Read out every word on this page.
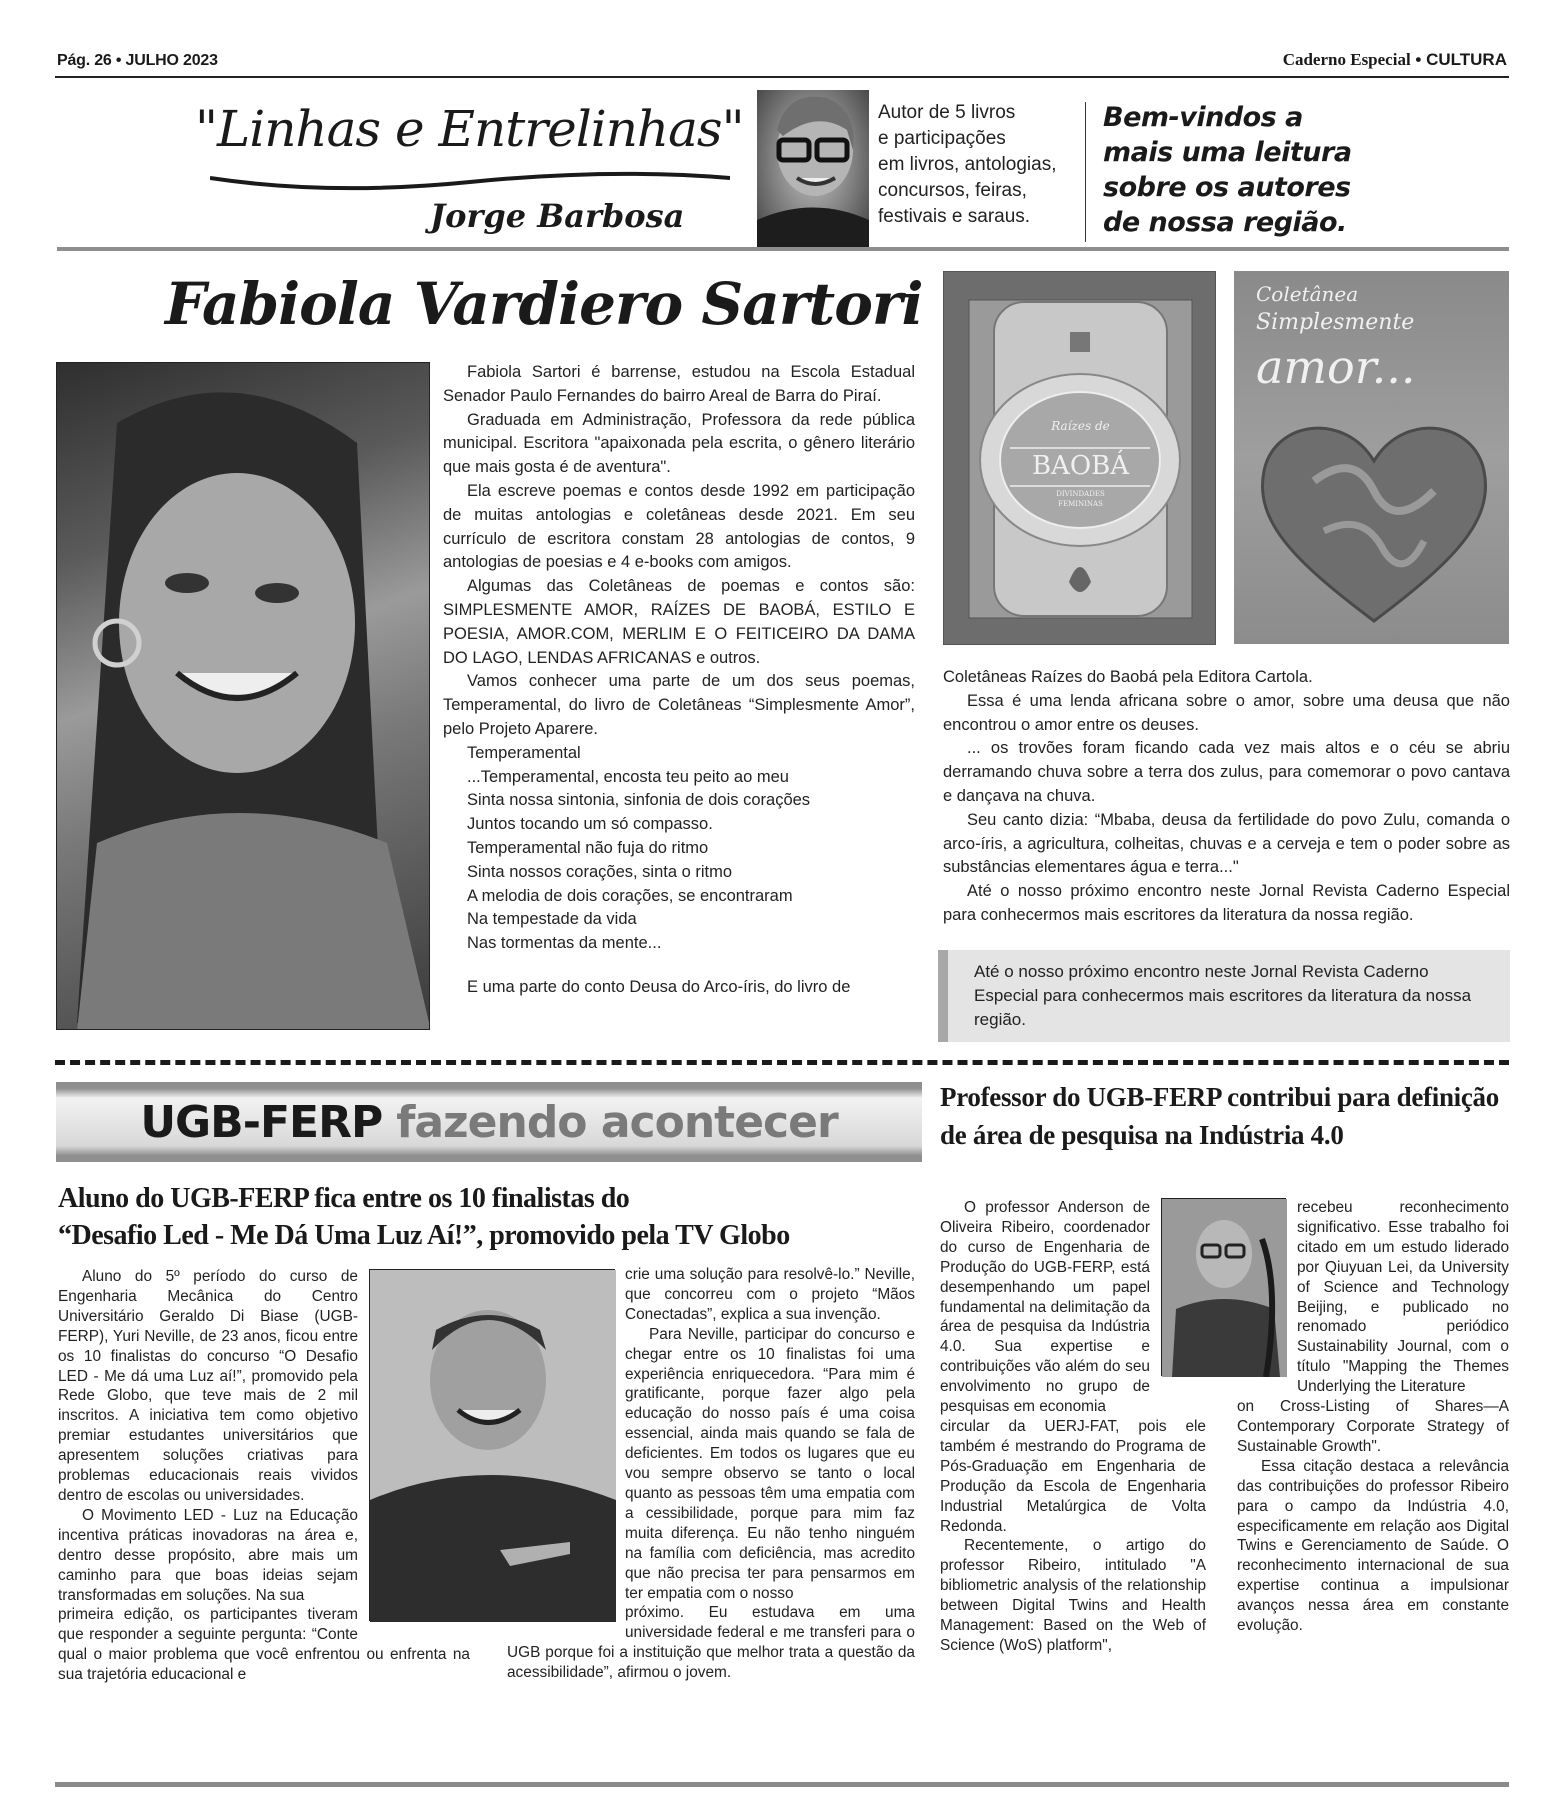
Pág. 26 • JULHO 2023	Caderno Especial • CULTURA
"Linhas e Entrelinhas"
Jorge Barbosa
Autor de 5 livros
e participações
em livros, antologias,
concursos, feiras,
festivais e saraus.
Bem-vindos a
mais uma leitura
sobre os autores
de nossa região.
Fabiola Vardiero Sartori

Fabiola Sartori é barrense, estudou na Escola Estadual Senador Paulo Fernandes do bairro Areal de Barra do Piraí.

Graduada em Administração, Professora da rede pública municipal. Escritora "apaixonada pela escrita, o gênero literário que mais gosta é de aventura".

Ela escreve poemas e contos desde 1992 em participação de muitas antologias e coletâneas desde 2021. Em seu currículo de escritora constam 28 antologias de contos, 9 antologias de poesias e 4 e-books com amigos.

Algumas das Coletâneas de poemas e contos são: SIMPLESMENTE AMOR, RAÍZES DE BAOBÁ, ESTILO E POESIA, AMOR.COM, MERLIM E O FEITICEIRO DA DAMA DO LAGO, LENDAS AFRICANAS e outros.

Vamos conhecer uma parte de um dos seus poemas, Temperamental, do livro de Coletâneas “Simplesmente Amor”, pelo Projeto Aparere.

Temperamental
...Temperamental, encosta teu peito ao meu
Sinta nossa sintonia, sinfonia de dois corações
Juntos tocando um só compasso.
Temperamental não fuja do ritmo
Sinta nossos corações, sinta o ritmo
A melodia de dois corações, se encontraram
Na tempestade da vida
Nas tormentas da mente...

E uma parte do conto Deusa do Arco-íris, do livro de

Raízes de
BAOBÁ
DIVINDADES
FEMININAS
Coletânea
Simplesmente
amor...

Coletâneas Raízes do Baobá pela Editora Cartola.

Essa é uma lenda africana sobre o amor, sobre uma deusa que não encontrou o amor entre os deuses.

... os trovões foram ficando cada vez mais altos e o céu se abriu derramando chuva sobre a terra dos zulus, para comemorar o povo cantava e dançava na chuva.

Seu canto dizia: “Mbaba, deusa da fertilidade do povo Zulu, comanda o arco-íris, a agricultura, colheitas, chuvas e a cerveja e tem o poder sobre as substâncias elementares água e terra..."

Até o nosso próximo encontro neste Jornal Revista Caderno Especial para conhecermos mais escritores da literatura da nossa região.

Até o nosso próximo encontro neste Jornal Revista Caderno Especial para conhecermos mais escritores da literatura da nossa região.
UGB-FERP fazendo acontecer
Aluno do UGB-FERP fica entre os 10 finalistas do
“Desafio Led - Me Dá Uma Luz Aí!”, promovido pela TV Globo

Aluno do 5º período do curso de Engenharia Mecânica do Centro Universitário Geraldo Di Biase (UGB-FERP), Yuri Neville, de 23 anos, ficou entre os 10 finalistas do concurso “O Desafio LED - Me dá uma Luz aí!”, promovido pela Rede Globo, que teve mais de 2 mil inscritos. A iniciativa tem como objetivo premiar estudantes universitários que apresentem soluções criativas para problemas educacionais reais vividos dentro de escolas ou universidades.

O Movimento LED - Luz na Educação incentiva práticas inovadoras na área e, dentro desse propósito, abre mais um caminho para que boas ideias sejam transformadas em soluções. Na sua

primeira edição, os participantes tiveram que responder a seguinte pergunta: “Conte qual o maior problema que você enfrentou ou enfrenta na sua trajetória educacional e

crie uma solução para resolvê-lo.” Neville, que concorreu com o projeto “Mãos Conectadas”, explica a sua invenção.

Para Neville, participar do concurso e chegar entre os 10 finalistas foi uma experiência enriquecedora. “Para mim é gratificante, porque fazer algo pela educação do nosso país é uma coisa essencial, ainda mais quando se fala de deficientes. Em todos os lugares que eu vou sempre observo se tanto o local quanto as pessoas têm uma empatia com a cessibilidade, porque para mim faz muita diferença. Eu não tenho ninguém na família com deficiência, mas acredito que não precisa ter para pensarmos em ter empatia com o nosso

próximo. Eu estudava em uma universidade federal e me transferi para o UGB porque foi a instituição que melhor trata a questão da acessibilidade”, afirmou o jovem.

Professor do UGB-FERP contribui para definição de área de pesquisa na Indústria 4.0

O professor Anderson de Oliveira Ribeiro, coordenador do curso de Engenharia de Produção do UGB-FERP, está desempenhando um papel fundamental na delimitação da área de pesquisa da Indústria 4.0. Sua expertise e contribuições vão além do seu envolvimento no grupo de pesquisas em economia

circular da UERJ-FAT, pois ele também é mestrando do Programa de Pós-Graduação em Engenharia de Produção da Escola de Engenharia Industrial Metalúrgica de Volta Redonda.

Recentemente, o artigo do professor Ribeiro, intitulado "A bibliometric analysis of the relationship between Digital Twins and Health Management: Based on the Web of Science (WoS) platform",

recebeu reconhecimento significativo. Esse trabalho foi citado em um estudo liderado por Qiuyuan Lei, da University of Science and Technology Beijing, e publicado no renomado periódico Sustainability Journal, com o título "Mapping the Themes Underlying the Literature

on Cross-Listing of Shares—A Contemporary Corporate Strategy of Sustainable Growth".

Essa citação destaca a relevância das contribuições do professor Ribeiro para o campo da Indústria 4.0, especificamente em relação aos Digital Twins e Gerenciamento de Saúde. O reconhecimento internacional de sua expertise continua a impulsionar avanços nessa área em constante evolução.
